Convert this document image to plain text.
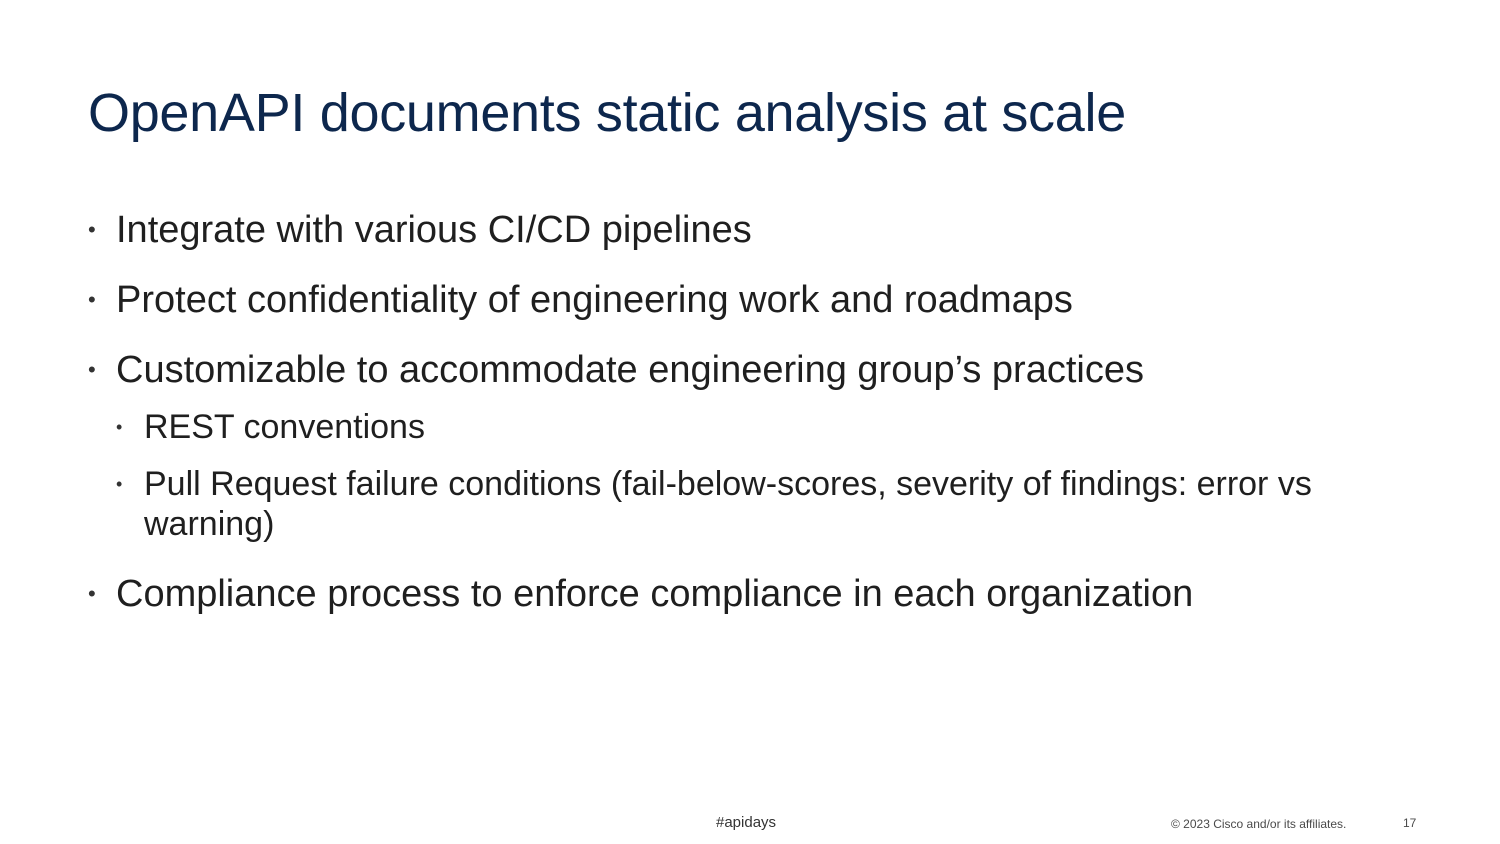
OpenAPI documents static analysis at scale
• Integrate with various CI/CD pipelines
• Protect confidentiality of engineering work and roadmaps
• Customizable to accommodate engineering group’s practices
• REST conventions
• Pull Request failure conditions (fail-below-scores, severity of findings: error vs warning)
• Compliance process to enforce compliance in each organization
#apidays	© 2023 Cisco and/or its affiliates.	17
